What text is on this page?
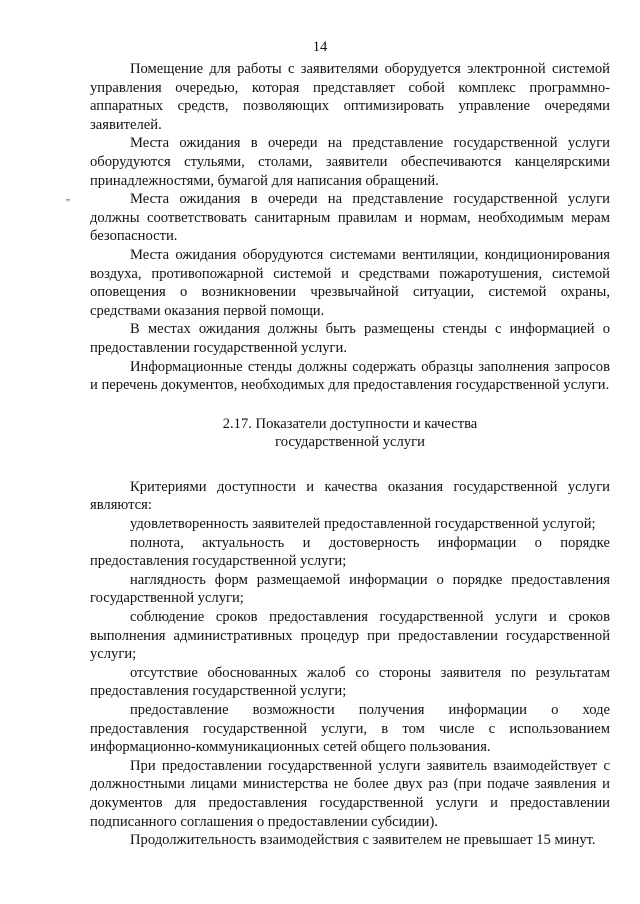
14
„

Помещение для работы с заявителями оборудуется электронной системой управления очередью, которая представляет собой комплекс программно-аппаратных средств, позволяющих оптимизировать управление очередями заявителей.

Места ожидания в очереди на представление государственной услуги оборудуются стульями, столами, заявители обеспечиваются канцелярскими принадлежностями, бумагой для написания обращений.

Места ожидания в очереди на представление государственной услуги должны соответствовать санитарным правилам и нормам, необходимым мерам безопасности.

Места ожидания оборудуются системами вентиляции, кондиционирования воздуха, противопожарной системой и средствами пожаротушения, системой оповещения о возникновении чрезвычайной ситуации, системой охраны, средствами оказания первой помощи.

В местах ожидания должны быть размещены стенды с информацией о предоставлении государственной услуги.

Информационные стенды должны содержать образцы заполнения запросов и перечень документов, необходимых для предоставления государственной услуги.

2.17. Показатели доступности и качества
государственной услуги

Критериями доступности и качества оказания государственной услуги являются:

удовлетворенность заявителей предоставленной государственной услугой;

полнота, актуальность и достоверность информации о порядке предоставления государственной услуги;

наглядность форм размещаемой информации о порядке предоставления государственной услуги;

соблюдение сроков предоставления государственной услуги и сроков выполнения административных процедур при предоставлении государственной услуги;

отсутствие обоснованных жалоб со стороны заявителя по результатам предоставления государственной услуги;

предоставление возможности получения информации о ходе предоставления государственной услуги, в том числе с использованием информационно-коммуникационных сетей общего пользования.

При предоставлении государственной услуги заявитель взаимодействует с должностными лицами министерства не более двух раз (при подаче заявления и документов для предоставления государственной услуги и предоставлении подписанного соглашения о предоставлении субсидии).

Продолжительность взаимодействия с заявителем не превышает 15 минут.
